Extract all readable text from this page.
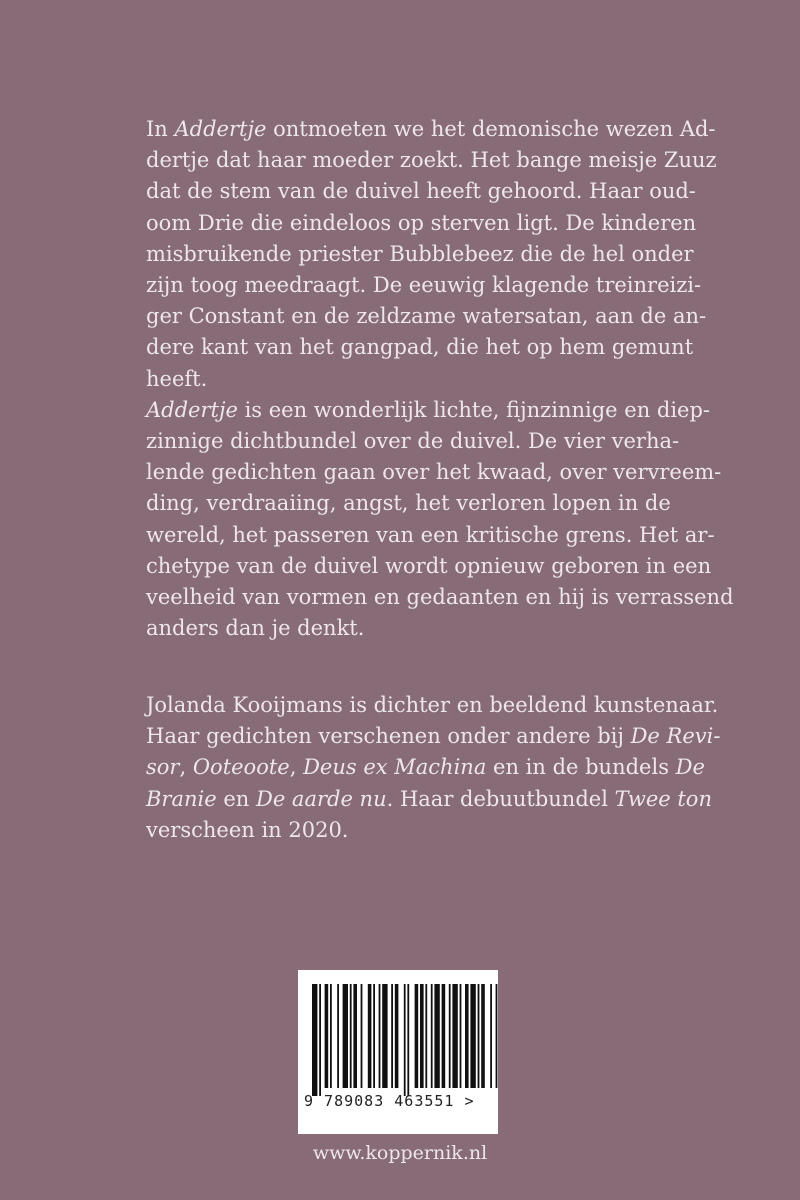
In Addertje ontmoeten we het demonische wezen Ad-
dertje dat haar moeder zoekt. Het bange meisje Zuuz
dat de stem van de duivel heeft gehoord. Haar oud-
oom Drie die eindeloos op sterven ligt. De kinderen
misbruikende priester Bubblebeez die de hel onder
zijn toog meedraagt. De eeuwig klagende treinreizi-
ger Constant en de zeldzame watersatan, aan de an-
dere kant van het gangpad, die het op hem gemunt
heeft.
Addertje is een wonderlijk lichte, fijnzinnige en diep-
zinnige dichtbundel over de duivel. De vier verha-
lende gedichten gaan over het kwaad, over vervreem-
ding, verdraaiing, angst, het verloren lopen in de
wereld, het passeren van een kritische grens. Het ar-
chetype van de duivel wordt opnieuw geboren in een
veelheid van vormen en gedaanten en hij is verrassend
anders dan je denkt.
Jolanda Kooijmans is dichter en beeldend kunstenaar.
Haar gedichten verschenen onder andere bij De Revi-
sor, Ooteoote, Deus ex Machina en in de bundels De
Branie en De aarde nu. Haar debuutbundel Twee ton
verscheen in 2020.
9 789083 463551 >
www.koppernik.nl
